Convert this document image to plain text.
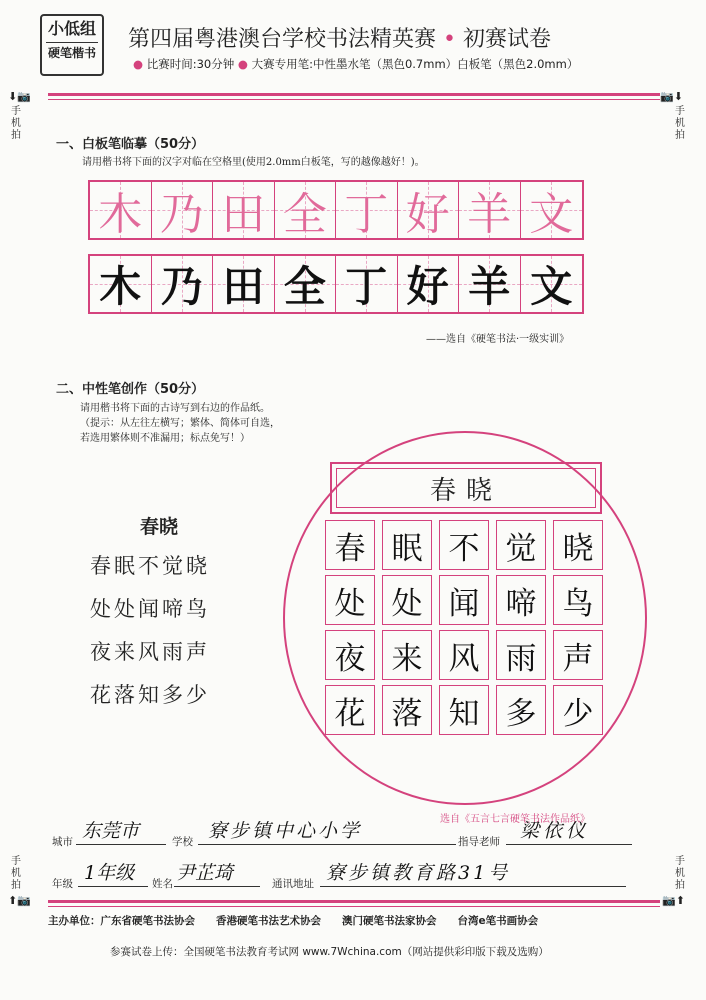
小低组
硬笔楷书
第四届粤港澳台学校书法精英赛 • 初赛试卷
● 比赛时间:30分钟 ● 大赛专用笔:中性墨水笔（黑色0.7mm）白板笔（黑色2.0mm）
⬇📷
手机拍
📷⬇
手机拍
手机拍
⬆📷
手机拍
📷⬆
一、白板笔临摹（50分）
请用楷书将下面的汉字对临在空格里(使用2.0mm白板笔，写的越像越好！)。
木 乃 田 全 丁 好 羊 文
木 乃 田 全 丁 好 羊 文
——选自《硬笔书法·一级实训》
二、中性笔创作（50分）
请用楷书将下面的古诗写到右边的作品纸。
（提示：从左往左横写；繁体、简体可自选，
若选用繁体则不准漏用；标点免写！）
春晓
春眠不觉晓
处处闻啼鸟
夜来风雨声
花落知多少
春晓
春 眠 不 觉 晓
处 处 闻 啼 鸟
夜 来 风 雨 声
花 落 知 多 少
选自《五言七言硬笔书法作品纸》
城市 东莞市	学校 寮步镇中心小学	指导老师 梁依仪
年级 1年级 姓名 尹芷琦	通讯地址 寮步镇教育路31号
主办单位：广东省硬笔书法协会　　香港硬笔书法艺术协会　　澳门硬笔书法家协会　　台湾e笔书画协会
参赛试卷上传：全国硬笔书法教育考试网 www.7Wchina.com（网站提供彩印版下载及选购）
